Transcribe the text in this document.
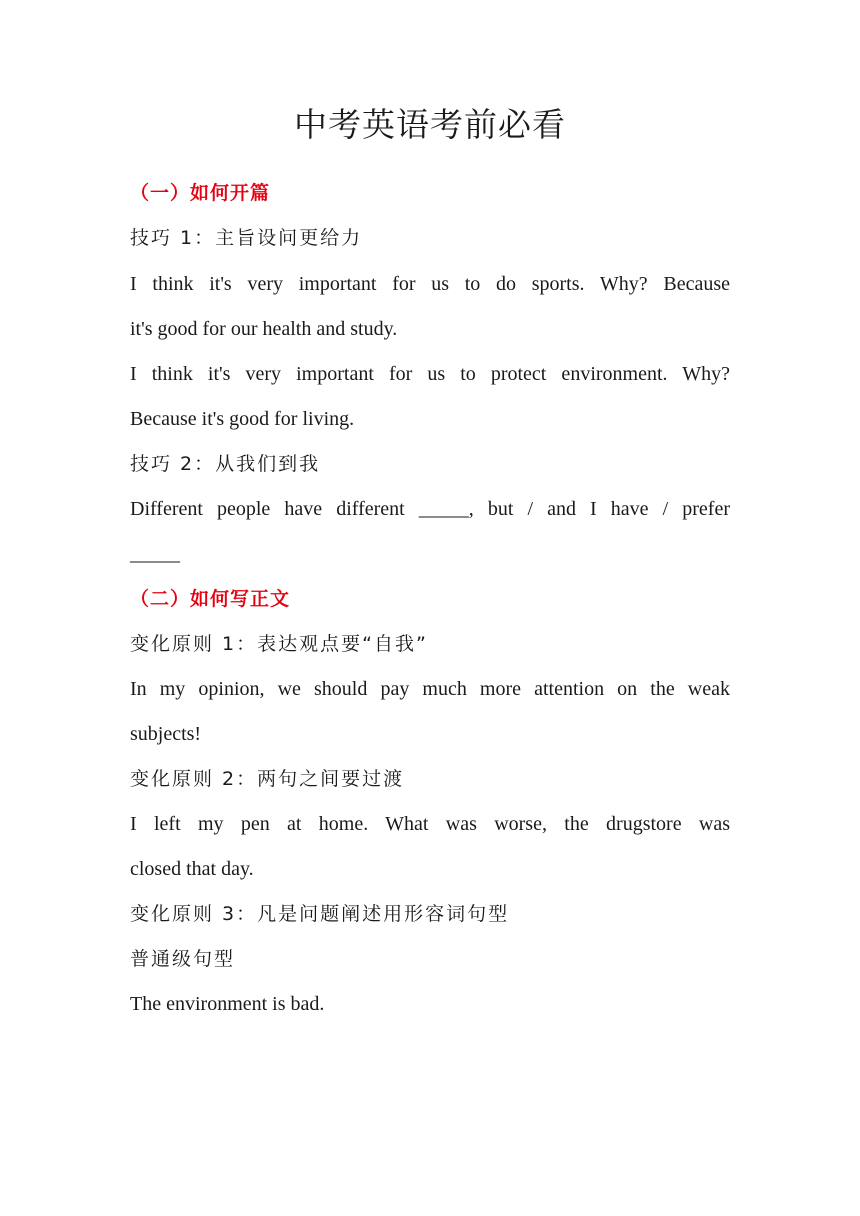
中考英语考前必看

（一）如何开篇

技巧 1：主旨设问更给力

I think it's very important for us to do sports. Why? Because

it's good for our health and study.

I think it's very important for us to protect environment. Why?

Because it's good for living.

技巧 2：从我们到我

Different people have different _____, but / and I have / prefer

_____

（二）如何写正文

变化原则 1：表达观点要“自我”

In my opinion, we should pay much more attention on the weak

subjects!

变化原则 2：两句之间要过渡

I left my pen at home. What was worse, the drugstore was

closed that day.

变化原则 3：凡是问题阐述用形容词句型

普通级句型

The environment is bad.
